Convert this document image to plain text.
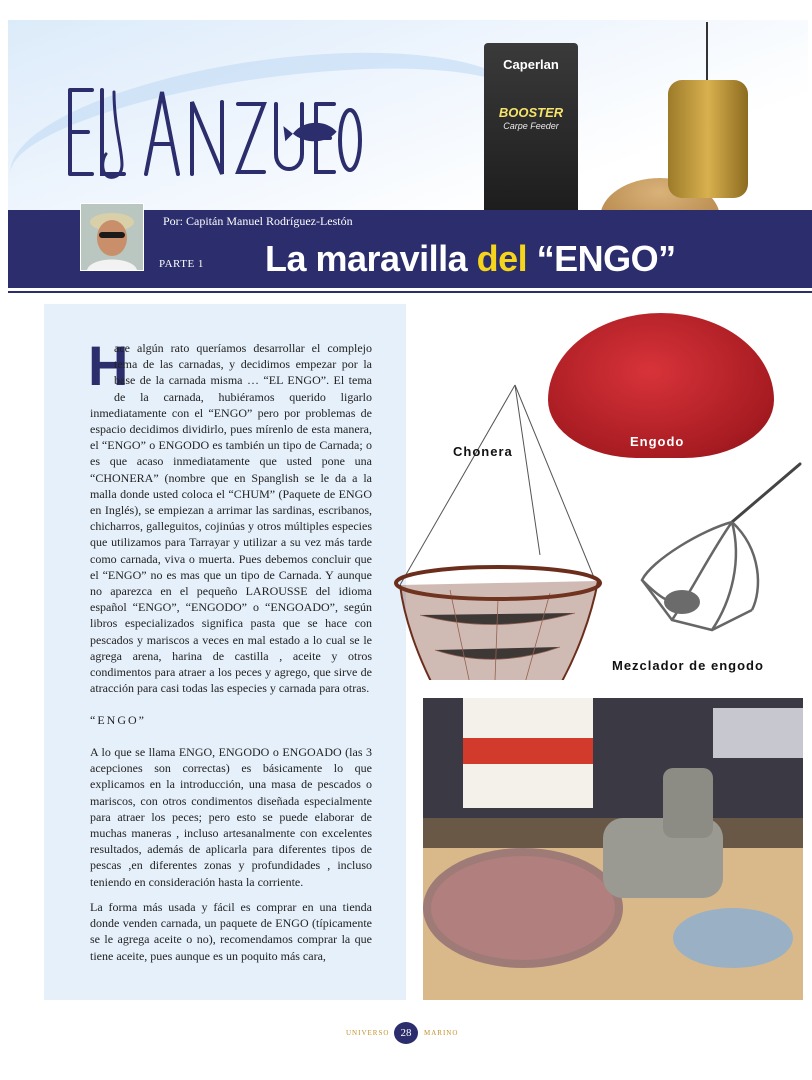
Caperlan
BOOSTER
Carpe Feeder
Por: Capitán Manuel Rodríguez-Lestón
PARTE 1 La maravilla del “ENGO”
H
ace algún rato queríamos desarrollar el complejo tema de las carnadas, y decidimos empezar por la base de la carnada misma … “EL ENGO”. El tema de la carnada, hubiéramos querido ligarlo inmediatamente con el “ENGO” pero por problemas de espacio decidimos dividirlo, pues mírenlo de esta manera, el “ENGO” o ENGODO es también un tipo de Carnada; o es que acaso inmediatamente que usted pone una “CHONERA” (nombre que en Spanglish se le da a la malla donde usted coloca el “CHUM” (Paquete de ENGO en Inglés), se empiezan a arrimar las sardinas, escribanos, chicharros, galleguitos, cojinúas y otros múltiples especies que utilizamos para Tarrayar y utilizar a su vez más tarde como carnada, viva o muerta. Pues debemos concluir que el “ENGO” no es mas que un tipo de Carnada. Y aunque no aparezca en el pequeño LAROUSSE del idioma español “ENGO”, “ENGODO” o “ENGOADO”, según libros especializados significa pasta que se hace con pescados y mariscos a veces en mal estado a lo cual se le agrega arena, harina de castilla , aceite y otros condimentos para atraer a los peces y agrego, que sirve de atracción para casi todas las especies y carnada para otras.
“ENGO”
A lo que se llama ENGO, ENGODO o ENGOADO (las 3 acepciones son correctas) es básicamente lo que explicamos en la introducción, una masa de pescados o mariscos, con otros condimentos diseñada especialmente para atraer los peces; pero esto se puede elaborar de muchas maneras , incluso artesanalmente con excelentes resultados, además de aplicarla para diferentes tipos de pescas ,en diferentes zonas y profundidades , incluso teniendo en consideración hasta la corriente.
La forma más usada y fácil es comprar en una tienda donde venden carnada, un paquete de ENGO (típicamente se le agrega aceite o no), recomendamos comprar la que tiene aceite, pues aunque es un poquito más cara,
Chonera
Engodo
Mezclador de engodo
UNIVERSO	28	MARINO
